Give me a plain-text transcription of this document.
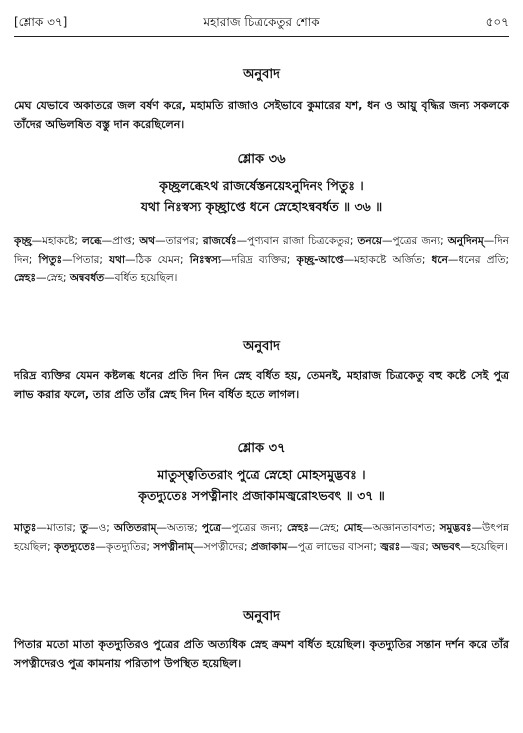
[শ্লোক ৩৭]	মহারাজ চিত্রকেতুর শোক	৫০৭
অনুবাদ
মেঘ যেভাবে অকাতরে জল বর্ষণ করে, মহামতি রাজাও সেইভাবে কুমারের যশ, ধন ও আয়ু বৃদ্ধির জন্য সকলকে তাঁদের অভিলষিত বস্তু দান করেছিলেন।
শ্লোক ৩৬
কৃচ্ছ্রলব্ধেঽথ রাজর্ষেস্তনয়েঽনুদিনং পিতুঃ ।
যথা নিঃস্বস্য কৃচ্ছ্রাপ্তে ধনে স্নেহোঽন্ববর্ধত ॥ ৩৬ ॥
কৃচ্ছ্র—মহাকষ্টে; লব্ধে—প্রাপ্ত; অথ—তারপর; রাজর্ষেঃ—পুণ্যবান রাজা চিত্রকেতুর; তনয়ে—পুত্রের জন্য; অনুদিনম্—দিন দিন; পিতুঃ—পিতার; যথা—ঠিক যেমন; নিঃস্বস্য—দরিদ্র ব্যক্তির; কৃচ্ছ্র-আপ্তে—মহাকষ্টে অর্জিত; ধনে—ধনের প্রতি; স্নেহঃ—স্নেহ; অন্ববর্ধত—বর্ধিত হয়েছিল।
অনুবাদ
দরিদ্র ব্যক্তির যেমন কষ্টলব্ধ ধনের প্রতি দিন দিন স্নেহ বর্ধিত হয়, তেমনই, মহারাজ চিত্রকেতু বহু কষ্টে সেই পুত্র লাভ করার ফলে, তার প্রতি তাঁর স্নেহ দিন দিন বর্ধিত হতে লাগল।
শ্লোক ৩৭
মাতুস্ত্বতিতরাং পুত্রে স্নেহো মোহসমুদ্ভবঃ ।
কৃতদ্যুতেঃ সপত্নীনাং প্রজাকামজ্বরোঽভবৎ ॥ ৩৭ ॥
মাতুঃ—মাতার; তু—ও; অতিতরাম্—অত্যন্ত; পুত্রে—পুত্রের জন্য; স্নেহঃ—স্নেহ; মোহ—অজ্ঞানতাবশত; সমুদ্ভবঃ—উৎপন্ন হয়েছিল; কৃতদ্যুতেঃ—কৃতদ্যুতির; সপত্নীনাম্—সপত্নীদের; প্রজাকাম—পুত্র লাভের বাসনা; জ্বরঃ—জ্বর; অভবৎ—হয়েছিল।
অনুবাদ
পিতার মতো মাতা কৃতদ্যুতিরও পুত্রের প্রতি অত্যধিক স্নেহ ক্রমশ বর্ধিত হয়েছিল। কৃতদ্যুতির সন্তান দর্শন করে তাঁর সপত্নীদেরও পুত্র কামনায় পরিতাপ উপস্থিত হয়েছিল।
